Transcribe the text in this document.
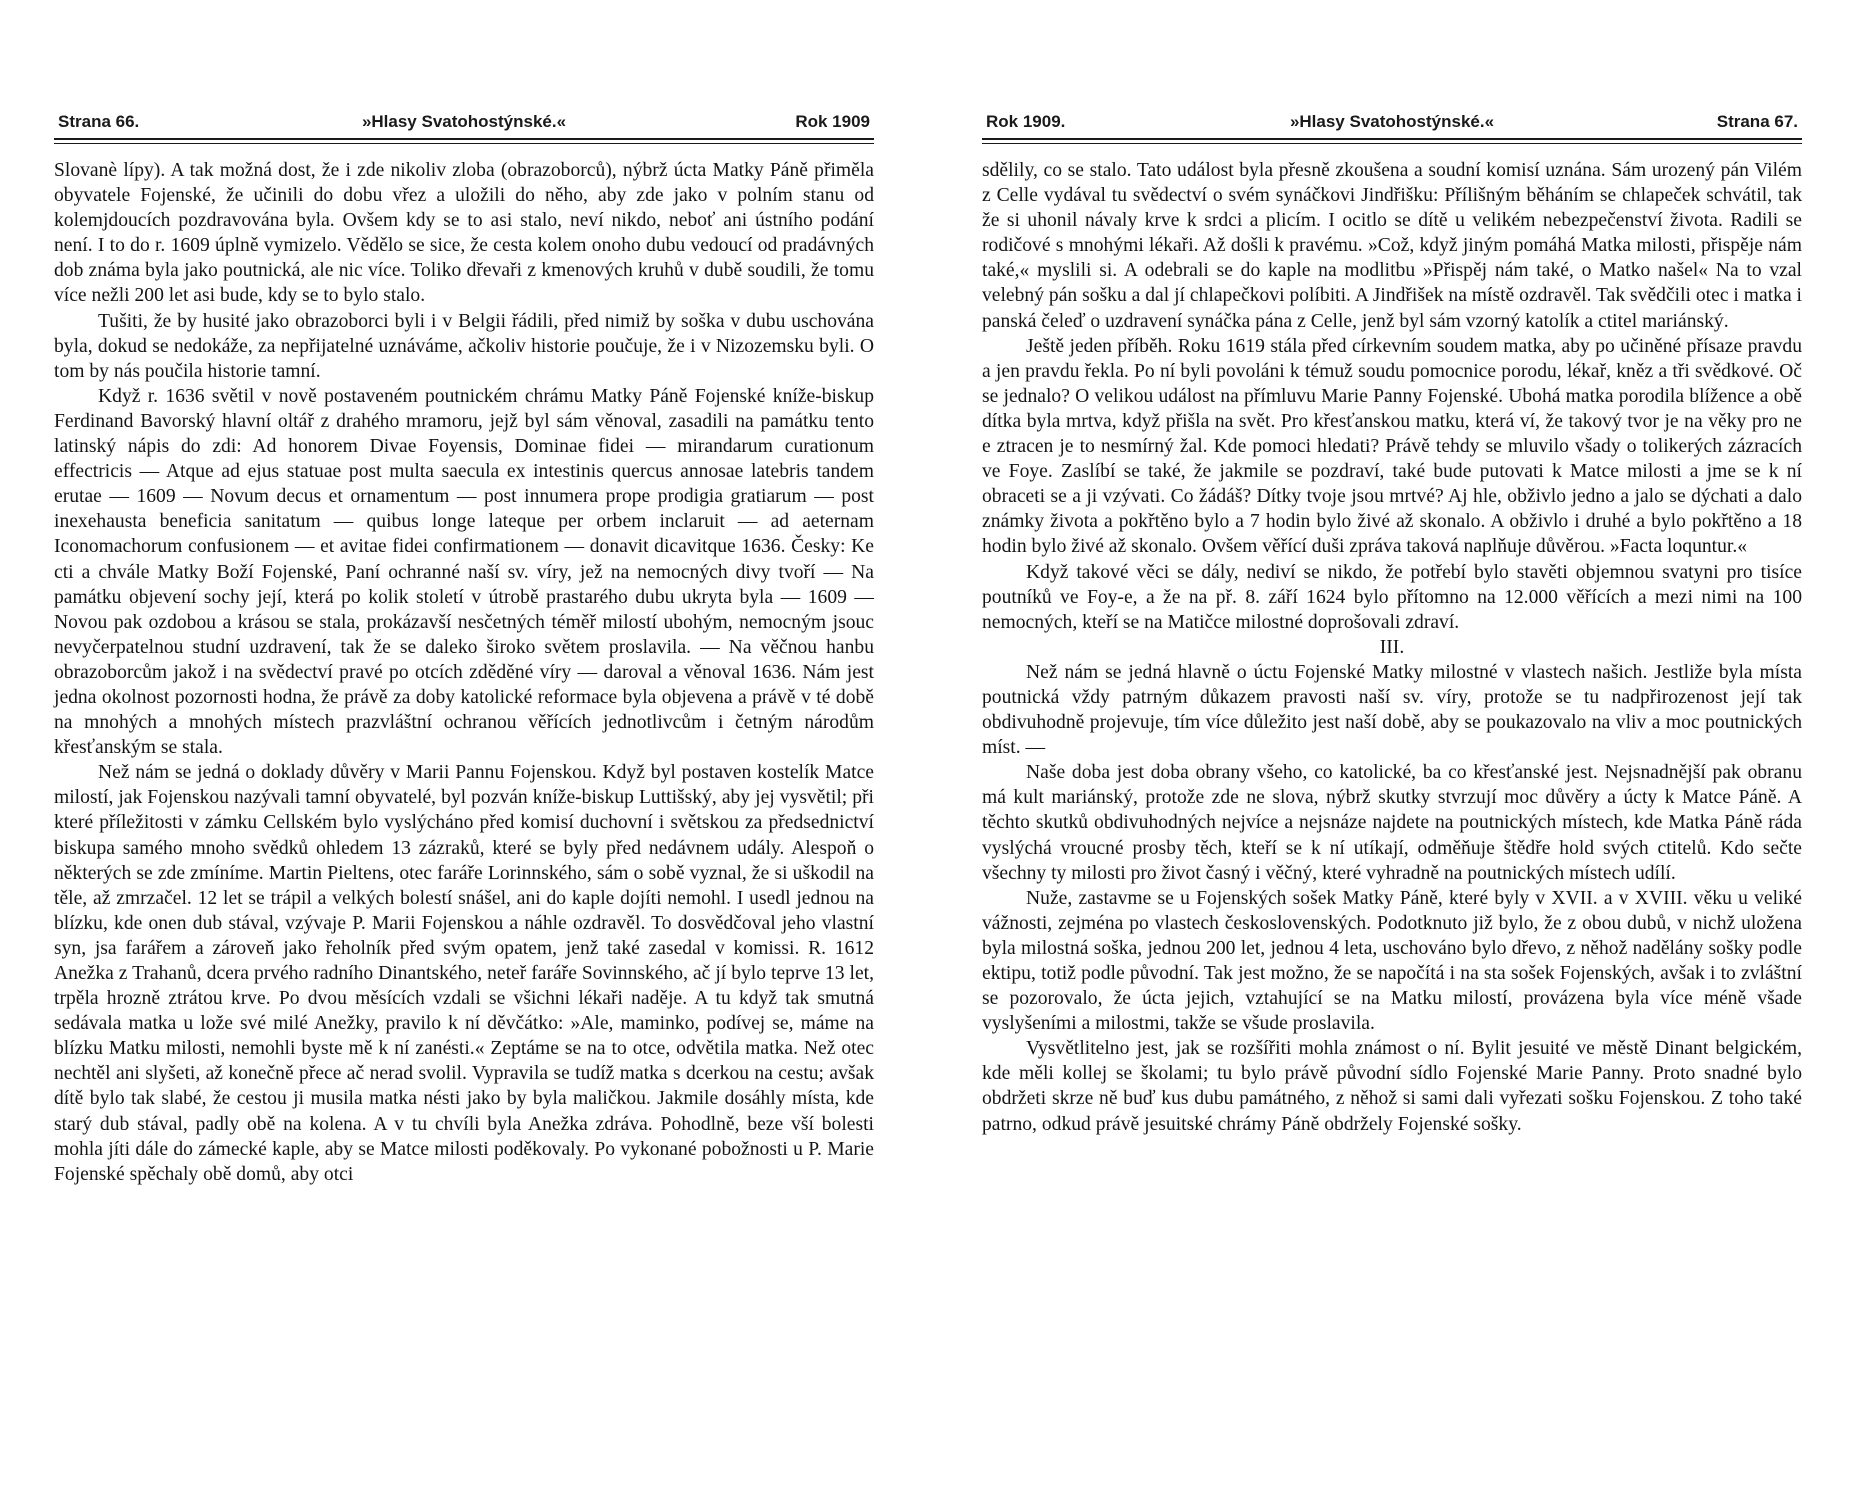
Strana 66.	»Hlasy Svatohostýnské.«	Rok 1909

Slovanè lípy). A tak možná dost, že i zde nikoliv zloba (obrazoborců), nýbrž úcta Matky Páně přiměla obyvatele Fojenské, že učinili do dobu vřez a uložili do něho, aby zde jako v polním stanu od kolemjdoucích pozdravována byla. Ovšem kdy se to asi stalo, neví nikdo, neboť ani ústního podání není. I to do r. 1609 úplně vymizelo. Vědělo se sice, že cesta kolem onoho dubu vedoucí od pradávných dob známa byla jako poutnická, ale nic více. Toliko dřevaři z kmenových kruhů v dubě soudili, že tomu více nežli 200 let asi bude, kdy se to bylo stalo.

Tušiti, že by husité jako obrazoborci byli i v Belgii řádili, před nimiž by soška v dubu uschována byla, dokud se nedokáže, za nepřijatelné uznáváme, ačkoliv historie poučuje, že i v Nizozemsku byli. O tom by nás poučila historie tamní.

Když r. 1636 světil v nově postaveném poutnickém chrámu Matky Páně Fojenské kníže-biskup Ferdinand Bavorský hlavní oltář z drahého mramoru, jejž byl sám věnoval, zasadili na památku tento latinský nápis do zdi: Ad honorem Divae Foyensis, Dominae fidei — mirandarum curationum effectricis — Atque ad ejus statuae post multa saecula ex intestinis quercus annosae latebris tandem erutae — 1609 — Novum decus et ornamentum — post innumera prope prodigia gratiarum — post inexehausta beneficia sanitatum — quibus longe lateque per orbem inclaruit — ad aeternam Iconomachorum confusionem — et avitae fidei confirmationem — donavit dicavitque 1636. Česky: Ke cti a chvále Matky Boží Fojenské, Paní ochranné naší sv. víry, jež na nemocných divy tvoří — Na památku objevení sochy její, která po kolik století v útrobě prastarého dubu ukryta byla — 1609 — Novou pak ozdobou a krásou se stala, prokázavší nesčetných téměř milostí ubohým, nemocným jsouc nevyčerpatelnou studní uzdravení, tak že se daleko široko světem proslavila. — Na věčnou hanbu obrazoborcům jakož i na svědectví pravé po otcích zděděné víry — daroval a věnoval 1636. Nám jest jedna okolnost pozornosti hodna, že právě za doby katolické reformace byla objevena a právě v té době na mnohých a mnohých místech prazvláštní ochranou věřících jednotlivcům i četným národům křesťanským se stala.

Než nám se jedná o doklady důvěry v Marii Pannu Fojenskou. Když byl postaven kostelík Matce milostí, jak Fojenskou nazývali tamní obyvatelé, byl pozván kníže-biskup Luttišský, aby jej vysvětil; při které příležitosti v zámku Cellském bylo vyslýcháno před komisí duchovní i světskou za předsednictví biskupa samého mnoho svědků ohledem 13 zázraků, které se byly před nedávnem udály. Alespoň o některých se zde zmíníme. Martin Pieltens, otec faráře Lorinnského, sám o sobě vyznal, že si uškodil na těle, až zmrzačel. 12 let se trápil a velkých bolestí snášel, ani do kaple dojíti nemohl. I usedl jednou na blízku, kde onen dub stával, vzývaje P. Marii Fojenskou a náhle ozdravěl. To dosvědčoval jeho vlastní syn, jsa farářem a zároveň jako řeholník před svým opatem, jenž také zasedal v komissi. R. 1612 Anežka z Trahanů, dcera prvého radního Dinantského, neteř faráře Sovinnského, ač jí bylo teprve 13 let, trpěla hrozně ztrátou krve. Po dvou měsících vzdali se všichni lékaři naděje. A tu když tak smutná sedávala matka u lože své milé Anežky, pravilo k ní děvčátko: »Ale, maminko, podívej se, máme na blízku Matku milosti, nemohli byste mě k ní zanésti.« Zeptáme se na to otce, odvětila matka. Než otec nechtěl ani slyšeti, až konečně přece ač nerad svolil. Vypravila se tudíž matka s dcerkou na cestu; avšak dítě bylo tak slabé, že cestou ji musila matka nésti jako by byla maličkou. Jakmile dosáhly místa, kde starý dub stával, padly obě na kolena. A v tu chvíli byla Anežka zdráva. Pohodlně, beze vší bolesti mohla jíti dále do zámecké kaple, aby se Matce milosti poděkovaly. Po vykonané pobožnosti u P. Marie Fojenské spěchaly obě domů, aby otci

Rok 1909.	»Hlasy Svatohostýnské.«	Strana 67.

sdělily, co se stalo. Tato událost byla přesně zkoušena a soudní komisí uznána. Sám urozený pán Vilém z Celle vydával tu svědectví o svém synáčkovi Jindřišku: Přílišným běháním se chlapeček schvátil, tak že si uhonil návaly krve k srdci a plicím. I ocitlo se dítě u velikém nebezpečenství života. Radili se rodičové s mnohými lékaři. Až došli k pravému. »Což, když jiným pomáhá Matka milosti, přispěje nám také,« myslili si. A odebrali se do kaple na modlitbu »Přispěj nám také, o Matko našel« Na to vzal velebný pán sošku a dal jí chlapečkovi políbiti. A Jindřišek na místě ozdravěl. Tak svědčili otec i matka i panská čeleď o uzdravení synáčka pána z Celle, jenž byl sám vzorný katolík a ctitel mariánský.

Ještě jeden příběh. Roku 1619 stála před církevním soudem matka, aby po učiněné přísaze pravdu a jen pravdu řekla. Po ní byli povoláni k témuž soudu pomocnice porodu, lékař, kněz a tři svědkové. Oč se jednalo? O velikou událost na přímluvu Marie Panny Fojenské. Ubohá matka porodila blížence a obě dítka byla mrtva, když přišla na svět. Pro křesťanskou matku, která ví, že takový tvor je na věky pro ne e ztracen je to nesmírný žal. Kde pomoci hledati? Právě tehdy se mluvilo všady o tolikerých zázracích ve Foye. Zaslíbí se také, že jakmile se pozdraví, také bude putovati k Matce milosti a jme se k ní obraceti se a ji vzývati. Co žádáš? Dítky tvoje jsou mrtvé? Aj hle, obživlo jedno a jalo se dýchati a dalo známky života a pokřtěno bylo a 7 hodin bylo živé až skonalo. A obživlo i druhé a bylo pokřtěno a 18 hodin bylo živé až skonalo. Ovšem věřící duši zpráva taková naplňuje důvěrou. »Facta loquntur.«

Když takové věci se dály, nediví se nikdo, že potřebí bylo stavěti objemnou svatyni pro tisíce poutníků ve Foy-e, a že na př. 8. září 1624 bylo přítomno na 12.000 věřících a mezi nimi na 100 nemocných, kteří se na Matičce milostné doprošovali zdraví.

III.

Než nám se jedná hlavně o úctu Fojenské Matky milostné v vlastech našich. Jestliže byla místa poutnická vždy patrným důkazem pravosti naší sv. víry, protože se tu nadpřirozenost její tak obdivuhodně projevuje, tím více důležito jest naší době, aby se poukazovalo na vliv a moc poutnických míst. —

Naše doba jest doba obrany všeho, co katolické, ba co křesťanské jest. Nejsnadnější pak obranu má kult mariánský, protože zde ne slova, nýbrž skutky stvrzují moc důvěry a úcty k Matce Páně. A těchto skutků obdivuhodných nejvíce a nejsnáze najdete na poutnických místech, kde Matka Páně ráda vyslýchá vroucné prosby těch, kteří se k ní utíkají, odměňuje štědře hold svých ctitelů. Kdo sečte všechny ty milosti pro život časný i věčný, které vyhradně na poutnických místech udílí.

Nuže, zastavme se u Fojenských sošek Matky Páně, které byly v XVII. a v XVIII. věku u veliké vážnosti, zejména po vlastech československých. Podotknuto již bylo, že z obou dubů, v nichž uložena byla milostná soška, jednou 200 let, jednou 4 leta, uschováno bylo dřevo, z něhož nadělány sošky podle ektipu, totiž podle původní. Tak jest možno, že se napočítá i na sta sošek Fojenských, avšak i to zvláštní se pozorovalo, že úcta jejich, vztahující se na Matku milostí, provázena byla více méně všade vyslyšeními a milostmi, takže se všude proslavila.

Vysvětlitelno jest, jak se rozšířiti mohla známost o ní. Bylit jesuité ve městě Dinant belgickém, kde měli kollej se školami; tu bylo právě původní sídlo Fojenské Marie Panny. Proto snadné bylo obdržeti skrze ně buď kus dubu památného, z něhož si sami dali vyřezati sošku Fojenskou. Z toho také patrno, odkud právě jesuitské chrámy Páně obdržely Fojenské sošky.
